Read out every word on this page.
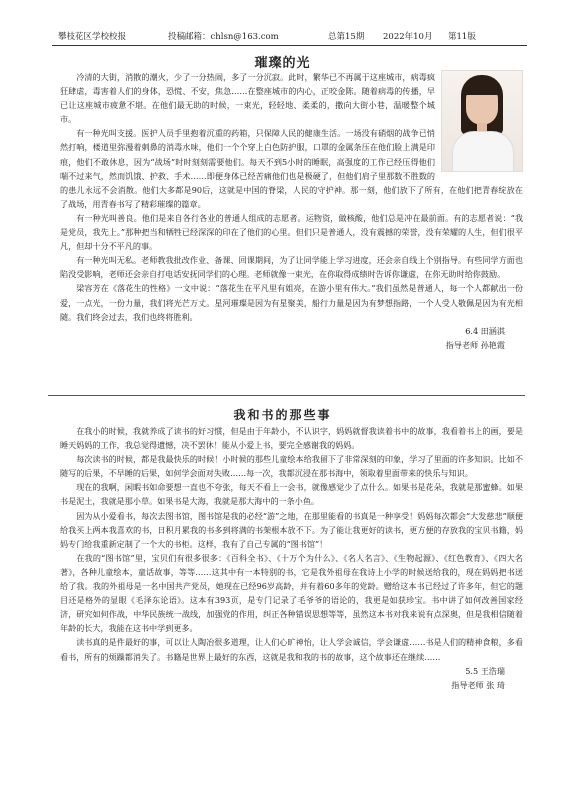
攀枝花区学校校报	投稿邮箱：chlsn@163.com	总第15期	2022年10月	第11版
璀璨的光

冷清的大街，消散的潮火，少了一分热闹，多了一分沉寂。此时，繁华已不再属于这座城市，病毒疯狂肆虐，毒害着人们的身体，恐慌、不安，焦急……在整座城市的内心，正咬金陈。随着病毒的传播，早已让这座城市疲惫不堪。在他们最无助的时候，一束光，轻轻地、柔柔的，撒向大街小巷，温暖整个城市。

有一种光叫支援。医护人员手里抱着沉重的药箱，只保障人民的健康生活。一场没有硝烟的战争已悄然打响，楼道里弥漫着刺鼻的消毒水味，他们一个个穿上白色防护服，口罩的金属条压在他们脸上满是印痕，他们不敢休息，因为“战场”时时刻刻需要他们。每天不到5小时的睡眠，高强度的工作已经压得他们喘不过来气，然而饥饿、护救、手术……即便身体已经苦痛他们也是极硬了，但他们肩子里那数不胜数的的患儿永远不会消散。他们大多都是90后，这就是中国的脊梁，人民的守护神。那一刻，他们放下了所有，在他们把青春绽放在了战场，用青春书写了精彩璀璨的篇章。

有一种光叫善良。他们是来自各行各业的普通人组成的志愿者。运物资，做核酸，他们总是冲在最前面。有的志愿者说：“我是党员，我先上。”那种把当和牺牲已经深深的印在了他们的心里。但们只是普通人，没有震撼的荣誉，没有荣耀的人生，但们很平凡，但却十分不平凡的事。

有一种光叫无私。老师教我批改作业、备课、回课期间，为了让同学能上学习进度，还会亲自线上个别指导。有些同学方面也陷没受影响，老师还会亲自打电话安抚同学们的心理。老师就像一束光，在你取得成绩时告诉你谦虚，在你无助时给你鼓励。

梁容芳在《落花生的性格》一文中说：“落花生在平凡里有姐亮，在游小里有伟大。”我们虽然是普通人，每一个人都献出一份爱，一点光，一份力量，我们将光芒万丈。星河璀璨是因为有星聚美，船行力量是因为有梦想指路，一个人受人敬佩是因为有光相随。我们终会过去，我们也终将胜利。

6.4 田涵淇
指导老师 孙艳霞
我和书的那些事

在我小的时候，我就养成了读书的好习惯，但是由于年龄小，不认识字，妈妈就督我读着书中的故事，我看着书上的画，要是睡天妈妈的工作，我总觉得遗憾，决不罢休！能从小爱上书，要完全感谢我的妈妈。

每次读书的时候，都是我最快乐的时候！小时候的那些儿童绘本给我留下了非常深刻的印象，学习了里面的许多知识。比如不随写的后果，不早睡的后果，如何学会面对失败……每一次，我都沉浸在那书海中，领取着里面带来的快乐与知识。

现在的我啊，闲暇书如命要想一直也不夸张，每天不看上一会书，就像感觉少了点什么。如果书是花朵，我就是那蜜蜂。如果书是泥土，我就是那小草。如果书是大海，我就是那大海中的一条小鱼。

因为从小爱看书，每次去图书馆，图书馆是我的必经“游”之地，在那里能看的书真是一种享受！妈妈每次都会“大发慈悲”顺便给我买上两本我喜欢的书，日积月累我的书多到将满的书架根本放不下。为了能让我更好的读书，更方便的存放我的宝贝书籍，妈妈专门给我重新定制了一个大的书柜。这样，我有了自己专属的“图书馆”！

在我的“图书馆”里，宝贝们有很多很多：《百科全书》、《十万个为什么》、《名人名言》、《生物起源》、《红色教育》、《四大名著》，各种儿童绘本，童话故事，等等……这其中有一本特别的书，它是我外祖母在我诗上小学的时候送给我的，现在妈妈把书送给了我。我的外祖母是一名中国共产党员，她现在已经96岁高龄，并有着60多年的党龄。赠给这本书已经过了许多年，但它的题目还是格外的显眼《毛泽东论语》。这本有393页，是专门记录了毛爷爷的语论的，我更是如获珍宝。书中讲了如何改善国家经济，研究如何作战，中华民族统一战线，加强党的作用，纠正各种错误思想等等，虽然这本书对我来说有点深奥，但是我相信随着年龄的长大，我能在这书中学到更多。

读书真的是件最好的事，可以让人陶冶很多道理，让人们心旷神怡，让人学会诚信，学会谦虚……书是人们的精神食粮，多看看书，所有的烦躁都消失了。书籍是世界上最好的东西，这就是我和我的书的故事，这个故事还在继续……

5.5 王浩瑞
指导老师 张 琦
